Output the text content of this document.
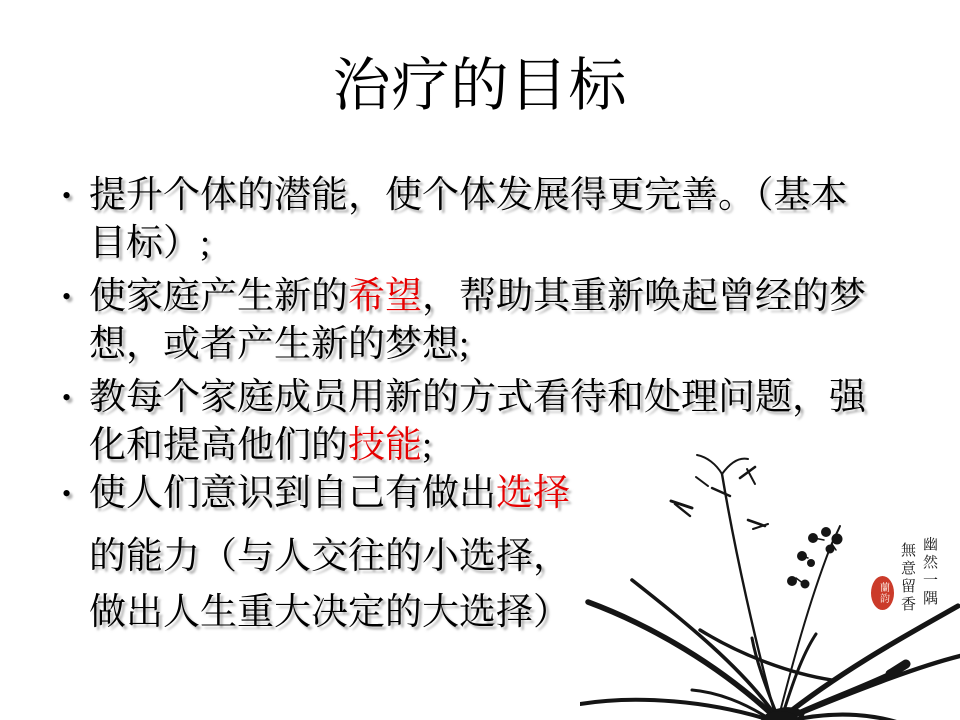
治疗的目标
• 提升个体的潜能，使个体发展得更完善。（基本
目标）;
• 使家庭产生新的希望，帮助其重新唤起曾经的梦
想，或者产生新的梦想;
• 教每个家庭成员用新的方式看待和处理问题，强
化和提高他们的技能;
• 使人们意识到自己有做出选择
的能力（与人交往的小选择，
做出人生重大决定的大选择）
幽然一隅
無意留香
蘭韵
